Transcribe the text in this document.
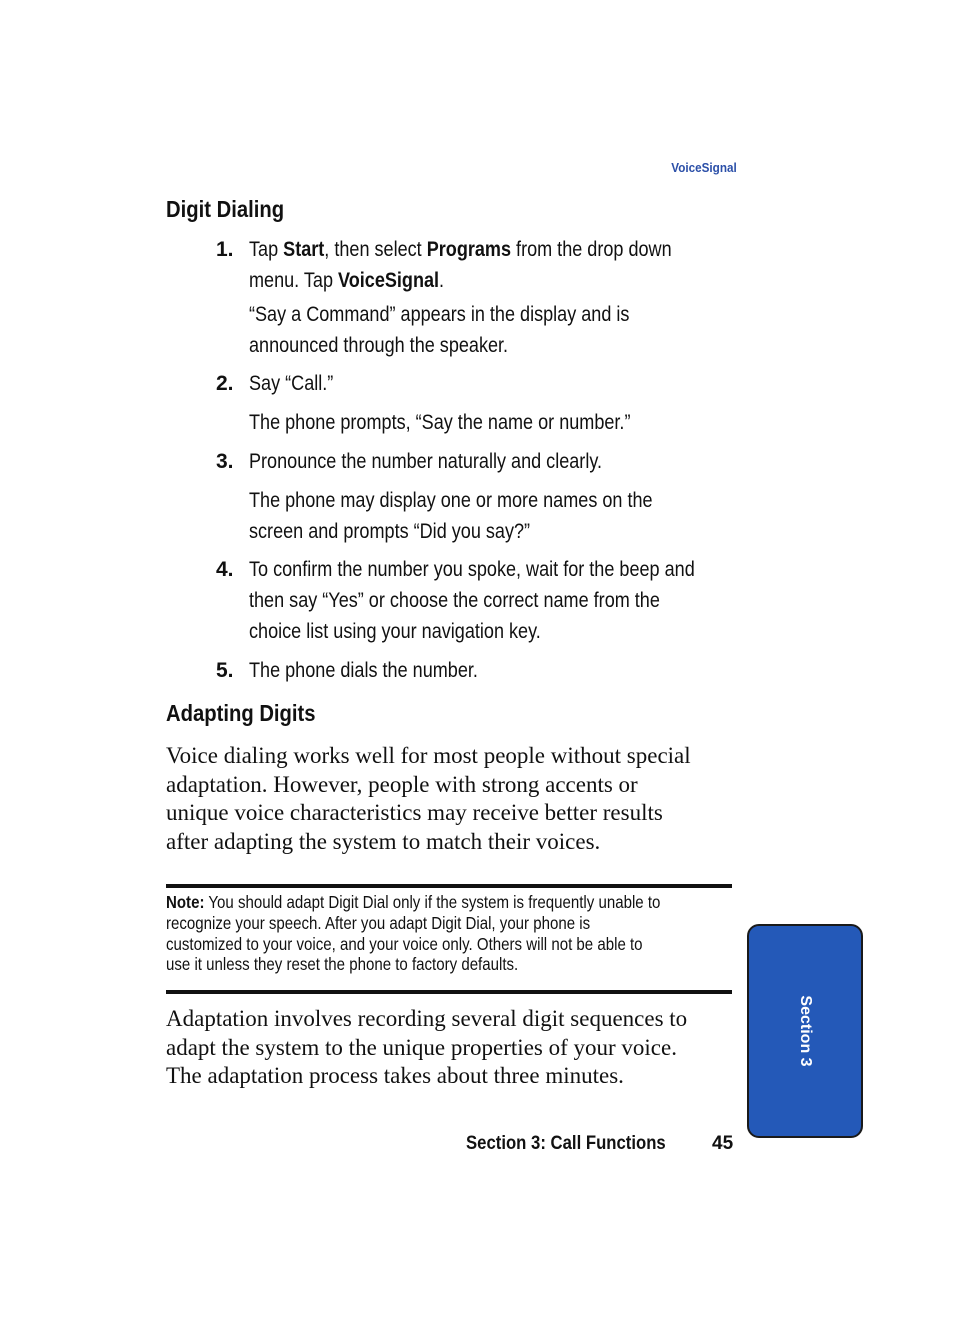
VoiceSignal
Digit Dialing
1. Tap Start, then select Programs from the drop down
menu. Tap VoiceSignal.
“Say a Command” appears in the display and is
announced through the speaker.
2. Say “Call.”
The phone prompts, “Say the name or number.”
3. Pronounce the number naturally and clearly.
The phone may display one or more names on the
screen and prompts “Did you say?”
4. To confirm the number you spoke, wait for the beep and
then say “Yes” or choose the correct name from the
choice list using your navigation key.
5. The phone dials the number.
Adapting Digits
Voice dialing works well for most people without special
adaptation. However, people with strong accents or
unique voice characteristics may receive better results
after adapting the system to match their voices.
Note: You should adapt Digit Dial only if the system is frequently unable to
recognize your speech. After you adapt Digit Dial, your phone is
customized to your voice, and your voice only. Others will not be able to
use it unless they reset the phone to factory defaults.
Adaptation involves recording several digit sequences to
adapt the system to the unique properties of your voice.
The adaptation process takes about three minutes.
Section 3: Call Functions 45
Section 3
